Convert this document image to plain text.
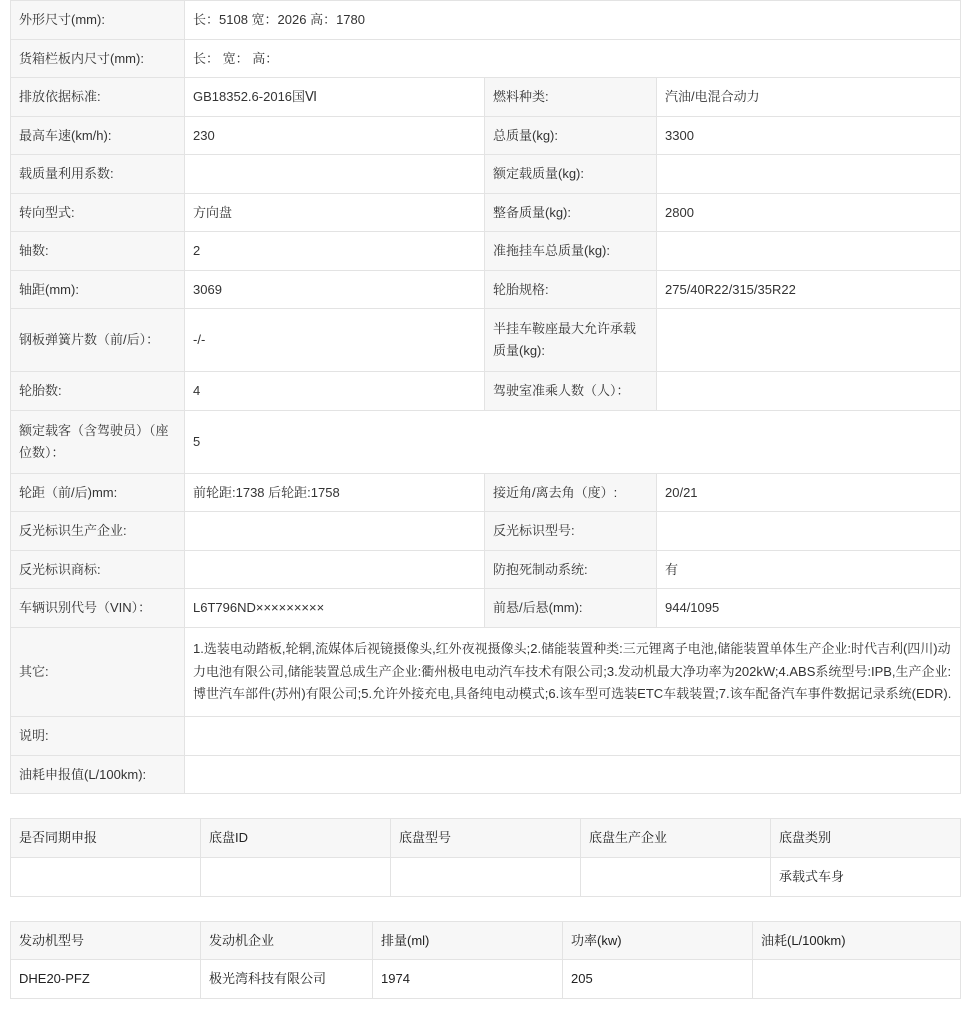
外形尺寸(mm):	长：5108 宽：2026 高：1780		
货箱栏板内尺寸(mm):	长： 宽： 高：		
排放依据标准:	GB18352.6-2016国Ⅵ	燃料种类:	汽油/电混合动力
最高车速(km/h):	230	总质量(kg):	3300
载质量利用系数:		额定载质量(kg):	
转向型式:	方向盘	整备质量(kg):	2800
轴数:	2	准拖挂车总质量(kg):	
轴距(mm):	3069	轮胎规格:	275/40R22/315/35R22
钢板弹簧片数（前/后）：	-/-	半挂车鞍座最大允许承载质量(kg):	
轮胎数:	4	驾驶室准乘人数（人）：	
额定载客（含驾驶员）（座位数）：	5		
轮距（前/后)mm:	前轮距:1738 后轮距:1758	接近角/离去角（度）:	20/21
反光标识生产企业:		反光标识型号:	
反光标识商标:		防抱死制动系统:	有
车辆识别代号（VIN）：	L6T796ND×××××××××	前悬/后悬(mm):	944/1095
其它:	1.选装电动踏板,轮辋,流媒体后视镜摄像头,红外夜视摄像头;2.储能装置种类:三元锂离子电池,储能装置单体生产企业:时代吉利(四川)动力电池有限公司,储能装置总成生产企业:衢州极电电动汽车技术有限公司;3.发动机最大净功率为202kW;4.ABS系统型号:IPB,生产企业:博世汽车部件(苏州)有限公司;5.允许外接充电,具备纯电动模式;6.该车型可选装ETC车载装置;7.该车配备汽车事件数据记录系统(EDR).		
说明:			
油耗申报值(L/100km):			
是否同期申报	底盘ID	底盘型号	底盘生产企业	底盘类别
				承载式车身
发动机型号	发动机企业	排量(ml)	功率(kw)	油耗(L/100km)
DHE20-PFZ	极光湾科技有限公司	1974	205	
